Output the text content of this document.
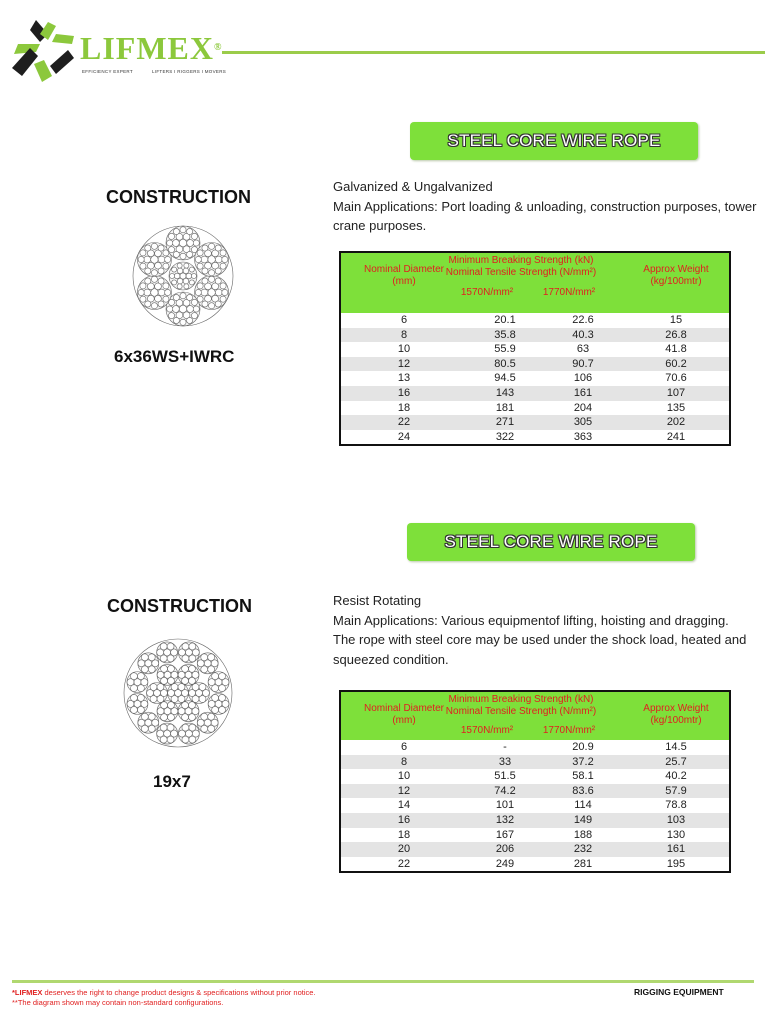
LIFMEX®
EFFICIENCY EXPERT	LIFTERS I RIGGERS I MOVERS
STEEL CORE WIRE ROPE
CONSTRUCTION
6x36WS+IWRC
Galvanized & Ungalvanized
Main Applications: Port loading & unloading, construction purposes, tower
crane purposes.
Nominal Diameter
(mm)
Minimum Breaking Strength (kN)
Nominal Tensile Strength (N/mm²)
1570N/mm²	1770N/mm²
Approx Weight
(kg/100mtr)
6	20.1	22.6	15
8	35.8	40.3	26.8
10	55.9	63	41.8
12	80.5	90.7	60.2
13	94.5	106	70.6
16	143	161	107
18	181	204	135
22	271	305	202
24	322	363	241
STEEL CORE WIRE ROPE
CONSTRUCTION
19x7
Resist Rotating
Main Applications: Various equipmentof lifting, hoisting and dragging.
The rope with steel core may be used under the shock load, heated and
squeezed condition.
Nominal Diameter
(mm)
Minimum Breaking Strength (kN)
Nominal Tensile Strength (N/mm²)
1570N/mm²	1770N/mm²
Approx Weight
(kg/100mtr)
6	-	20.9	14.5
8	33	37.2	25.7
10	51.5	58.1	40.2
12	74.2	83.6	57.9
14	101	114	78.8
16	132	149	103
18	167	188	130
20	206	232	161
22	249	281	195
*LIFMEX deserves the right to change product designs & specifications without prior notice.
**The diagram shown may contain non-standard configurations.
RIGGING EQUIPMENT
